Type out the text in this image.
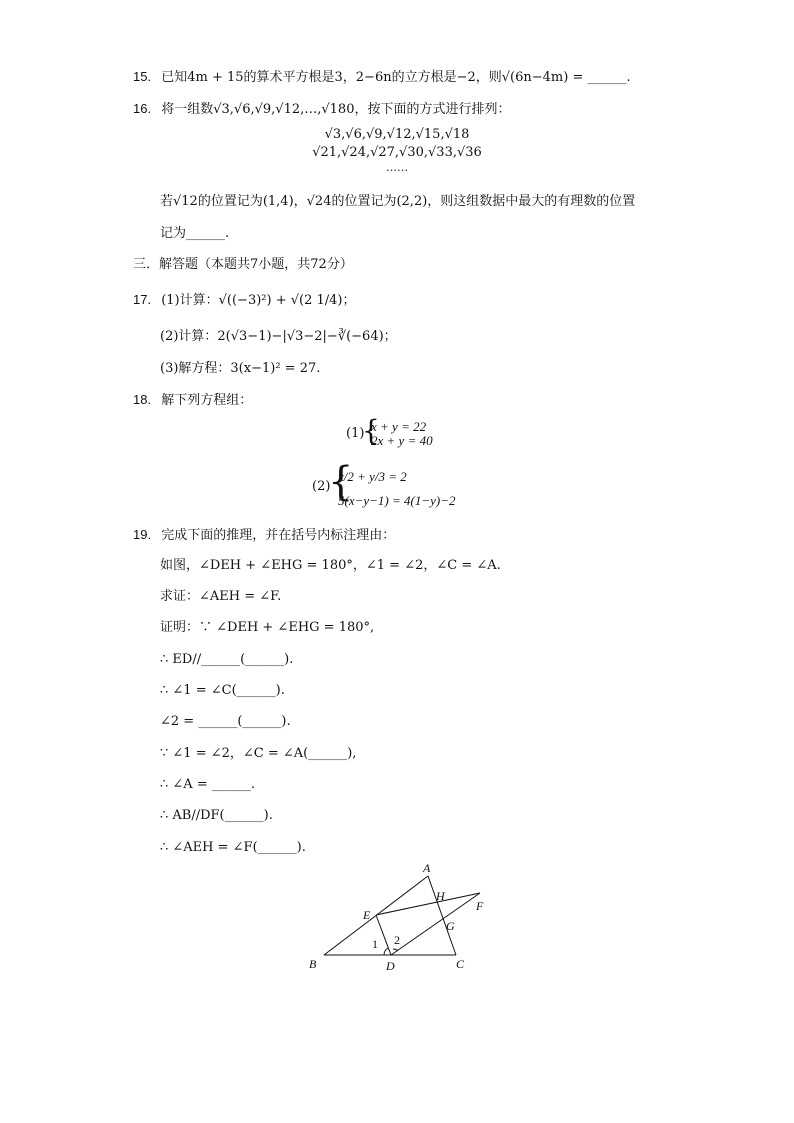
15. 已知4m + 15的算术平方根是3，2−6n的立方根是−2，则√(6n−4m) = ______.
16. 将一组数√3,√6,√9,√12,…,√180，按下面的方式进行排列：
√3,√6,√9,√12,√15,√18
√21,√24,√27,√30,√33,√36
……
若√12的位置记为(1,4)，√24的位置记为(2,2)，则这组数据中最大的有理数的位置
记为______.
三．解答题（本题共7小题，共72分）
17. (1)计算：√((−3)²) + √(2 1/4)；
(2)计算：2(√3−1)−|√3−2|−∛(−64)；
(3)解方程：3(x−1)² = 27.
18. 解下列方程组：
(1)
{
x + y = 22
2x + y = 40
(2)
{
x/2 + y/3 = 2
5(x−y−1) = 4(1−y)−2
19. 完成下面的推理，并在括号内标注理由：
如图，∠DEH + ∠EHG = 180°，∠1 = ∠2，∠C = ∠A.
求证：∠AEH = ∠F.
证明：∵ ∠DEH + ∠EHG = 180°,
∴ ED//______(______).
∴ ∠1 = ∠C(______).
∠2 = ______(______).
∵ ∠1 = ∠2，∠C = ∠A(______),
∴ ∠A = ______.
∴ AB//DF(______).
∴ ∠AEH = ∠F(______).
A
H
F
E
G
1 2
B	D	C
